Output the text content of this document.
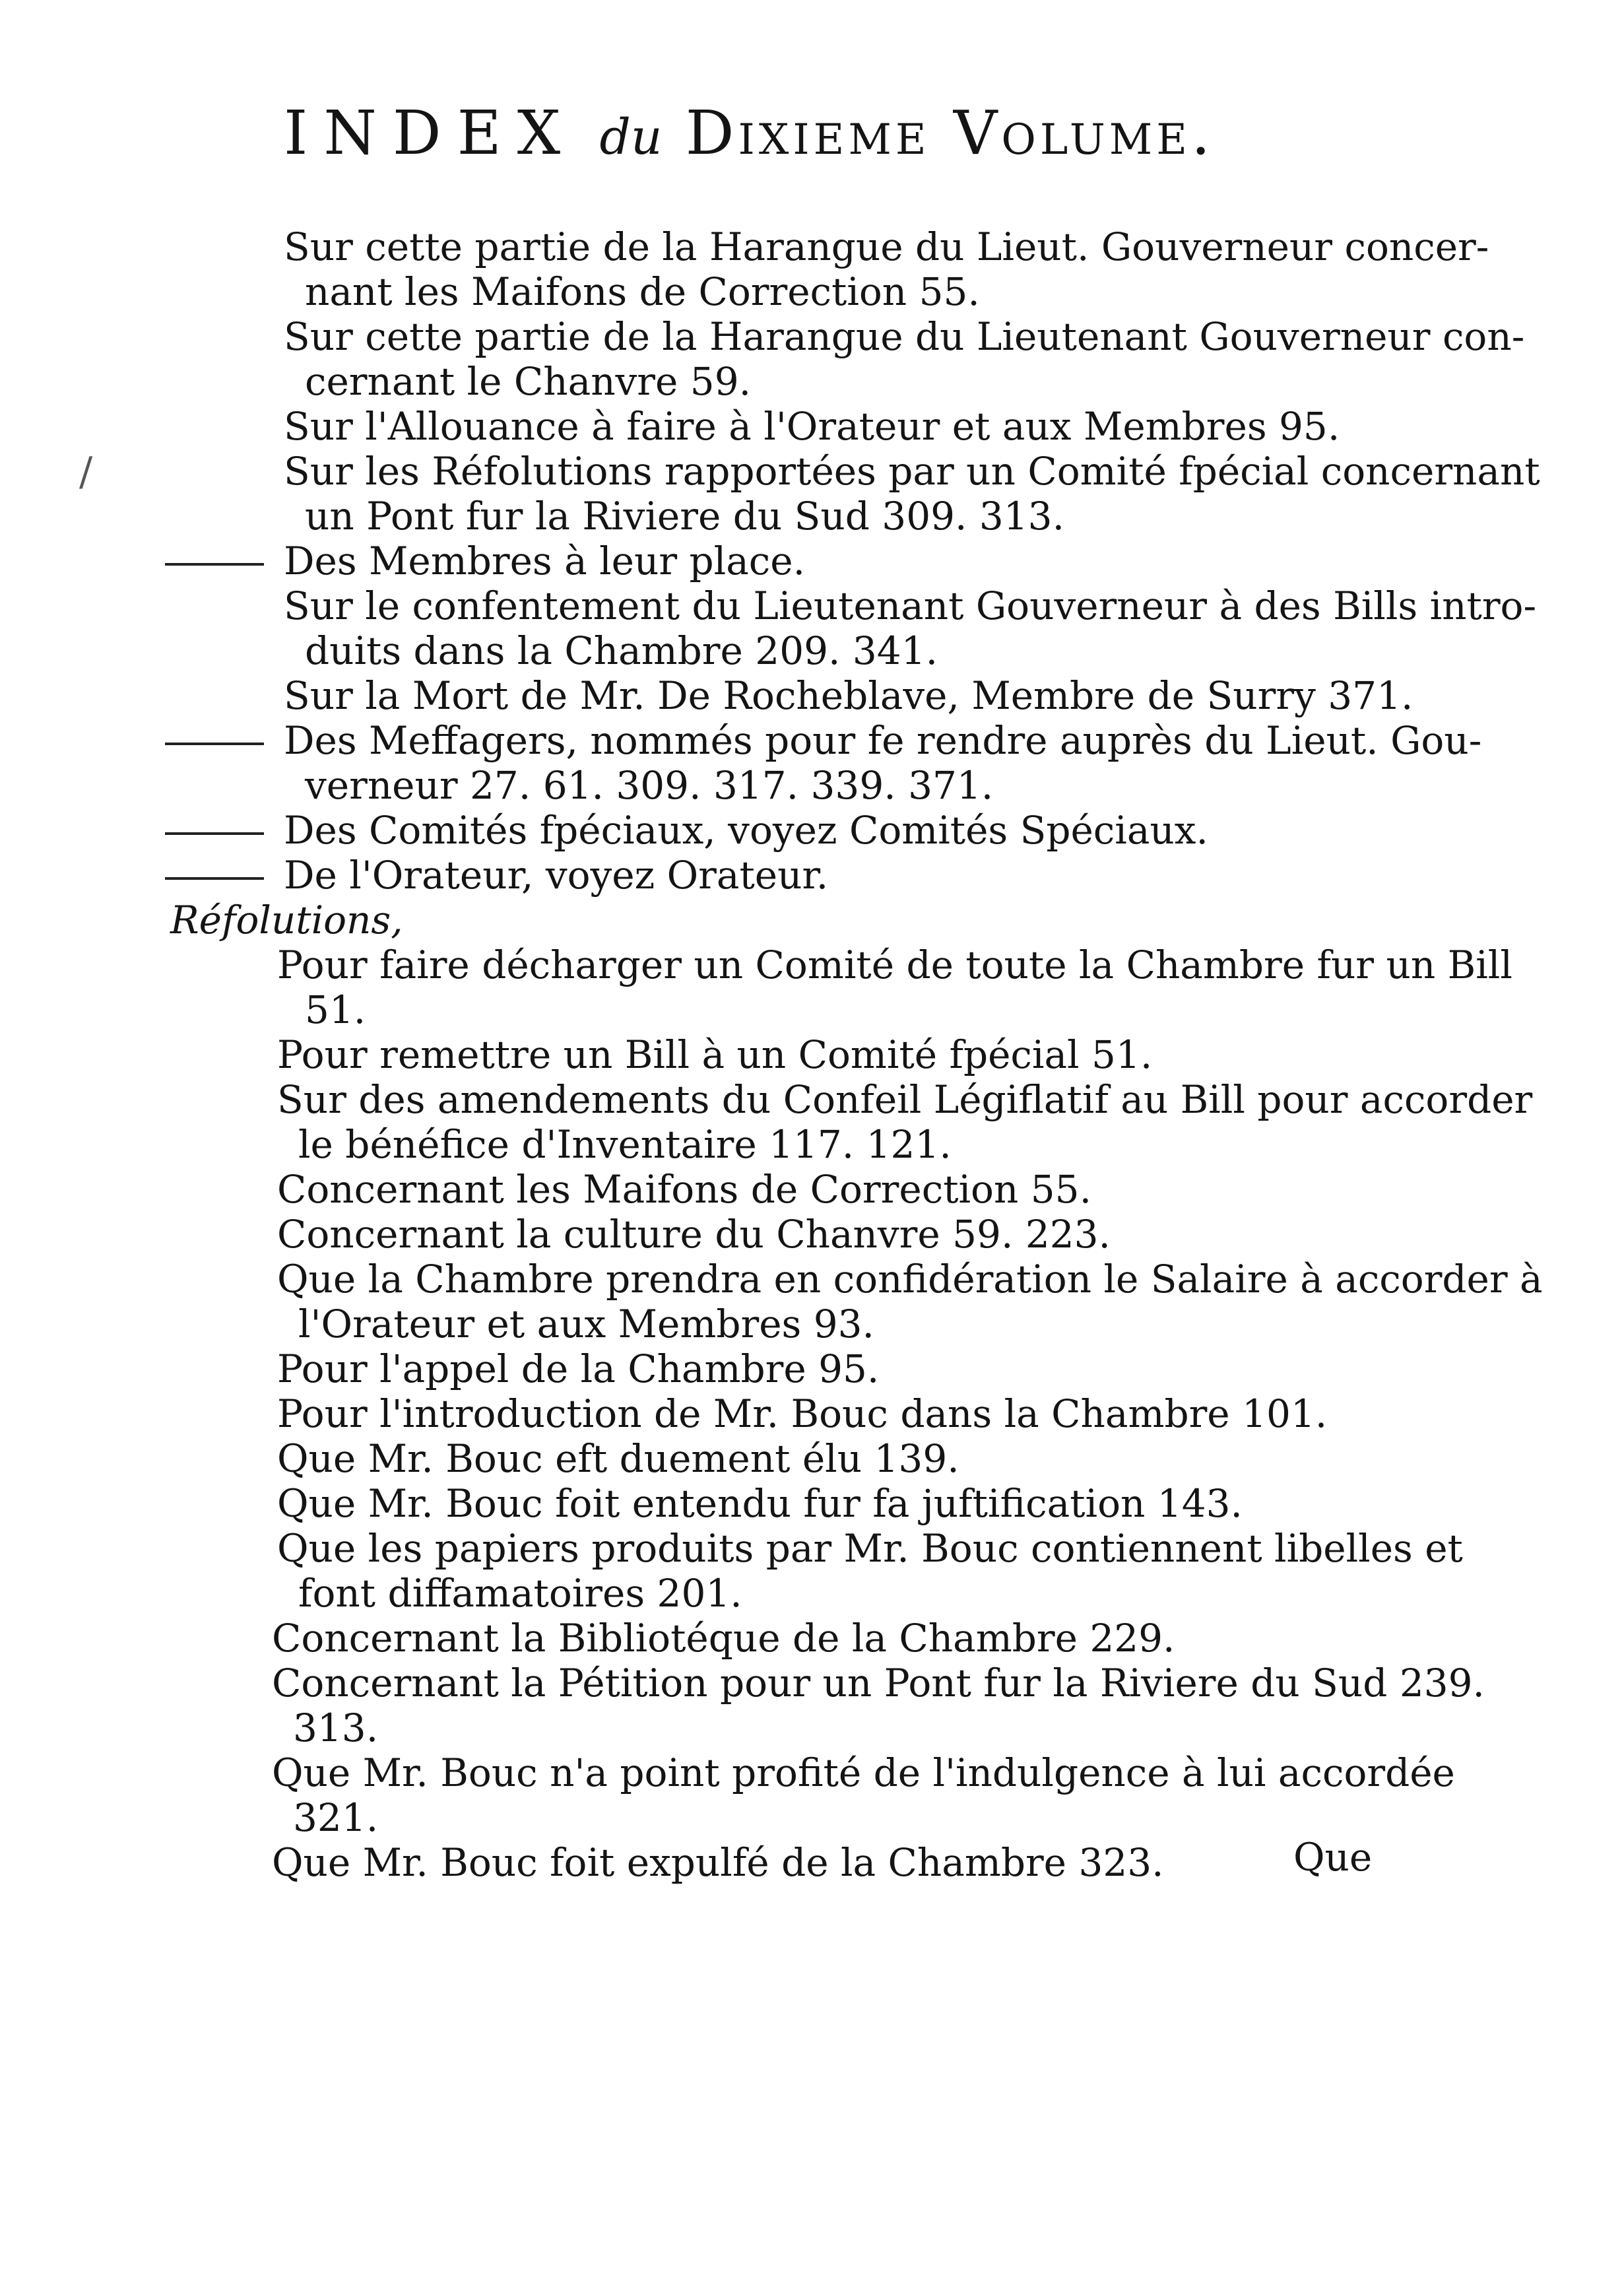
INDEX du Dixieme Volume.
/
Sur cette partie de la Harangue du Lieut. Gouverneur concer-
nant les Maifons de Correction 55.
Sur cette partie de la Harangue du Lieutenant Gouverneur con-
cernant le Chanvre 59.
Sur l'Allouance à faire à l'Orateur et aux Membres 95.
Sur les Réfolutions rapportées par un Comité fpécial concernant
un Pont fur la Riviere du Sud 309. 313.
Des Membres à leur place.
Sur le confentement du Lieutenant Gouverneur à des Bills intro-
duits dans la Chambre 209. 341.
Sur la Mort de Mr. De Rocheblave, Membre de Surry 371.
Des Meffagers, nommés pour fe rendre auprès du Lieut. Gou-
verneur 27. 61. 309. 317. 339. 371.
Des Comités fpéciaux, voyez Comités Spéciaux.
De l'Orateur, voyez Orateur.
Réfolutions,
Pour faire décharger un Comité de toute la Chambre fur un Bill
51.
Pour remettre un Bill à un Comité fpécial 51.
Sur des amendements du Confeil Légiflatif au Bill pour accorder
le bénéfice d'Inventaire 117. 121.
Concernant les Maifons de Correction 55.
Concernant la culture du Chanvre 59. 223.
Que la Chambre prendra en confidération le Salaire à accorder à
l'Orateur et aux Membres 93.
Pour l'appel de la Chambre 95.
Pour l'introduction de Mr. Bouc dans la Chambre 101.
Que Mr. Bouc eft duement élu 139.
Que Mr. Bouc foit entendu fur fa juftification 143.
Que les papiers produits par Mr. Bouc contiennent libelles et
font diffamatoires 201.
Concernant la Bibliotéque de la Chambre 229.
Concernant la Pétition pour un Pont fur la Riviere du Sud 239.
313.
Que Mr. Bouc n'a point profité de l'indulgence à lui accordée
321.
Que Mr. Bouc foit expulfé de la Chambre 323.	Que
